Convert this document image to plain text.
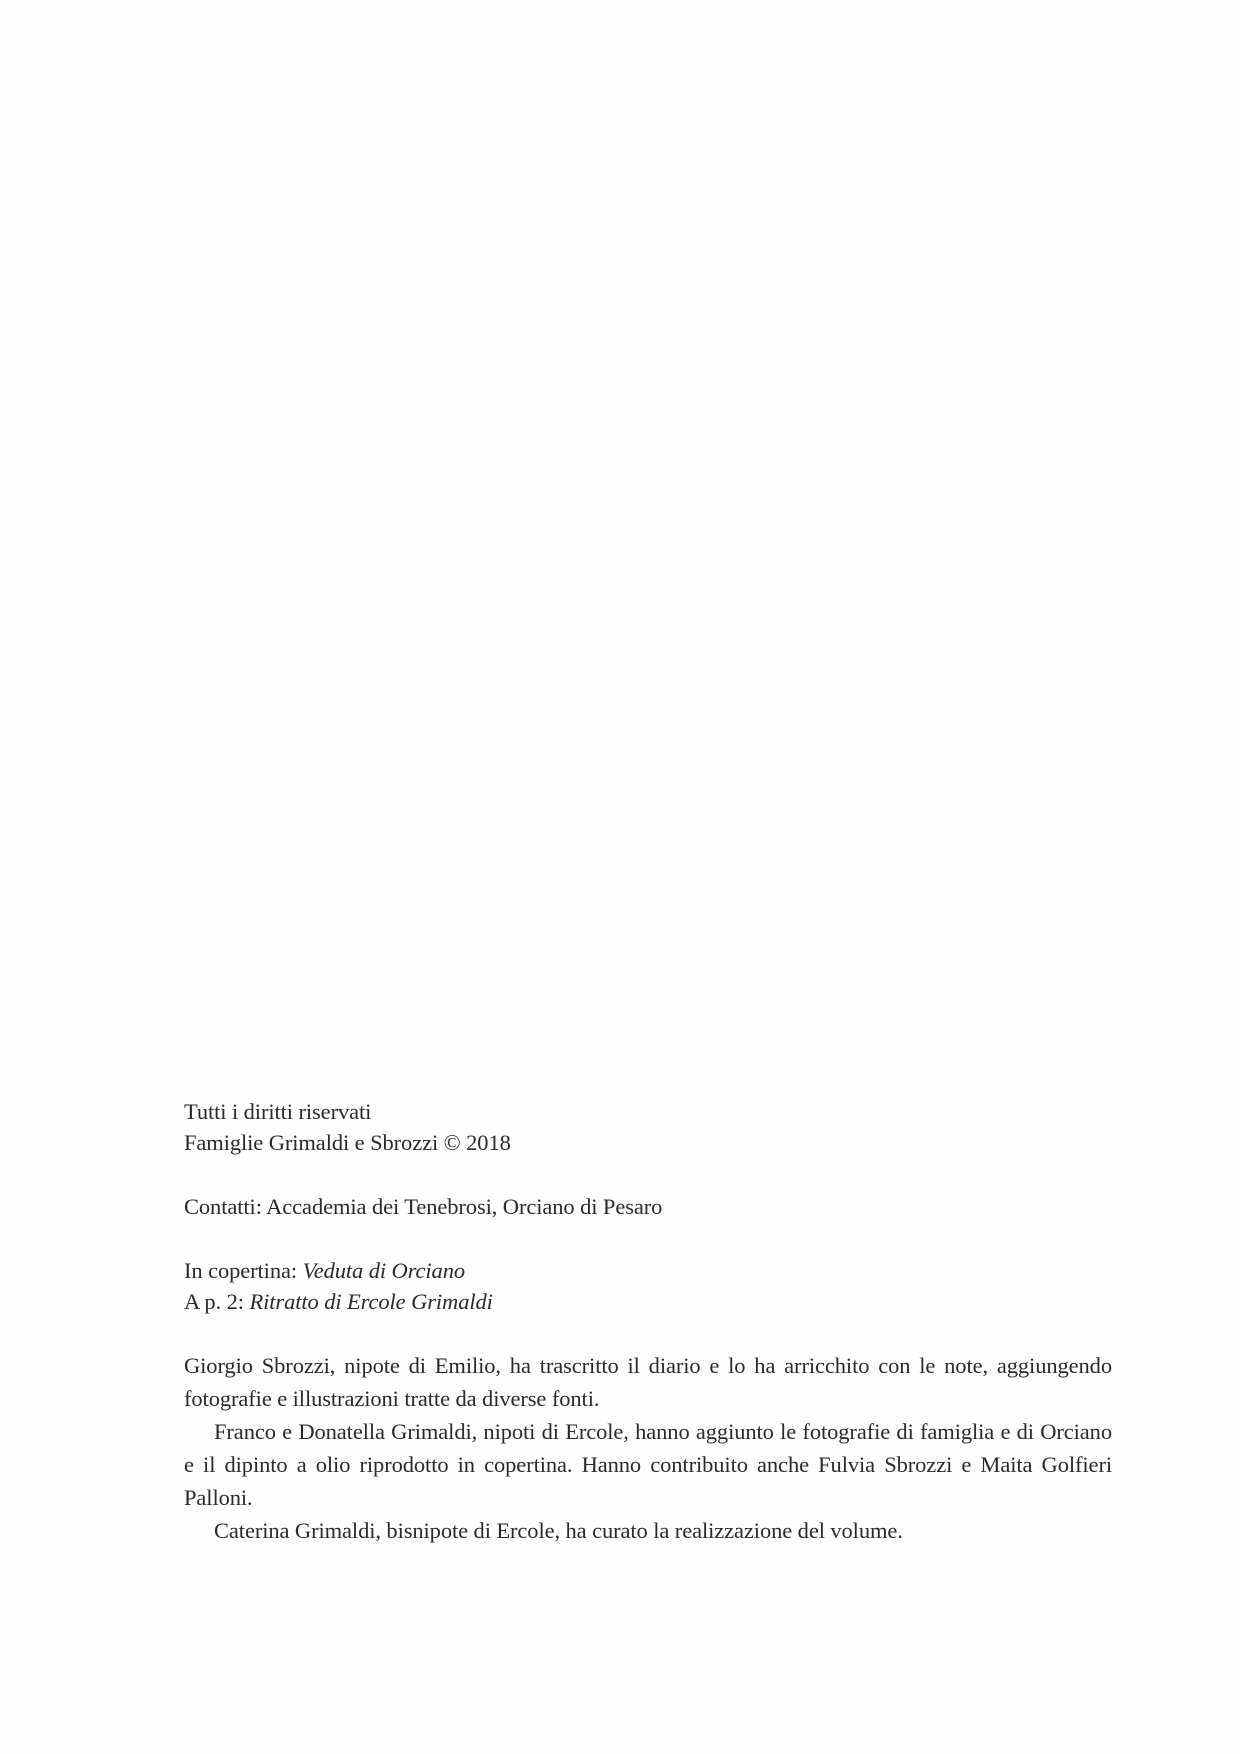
Tutti i diritti riservati
Famiglie Grimaldi e Sbrozzi © 2018
Contatti: Accademia dei Tenebrosi, Orciano di Pesaro
In copertina: Veduta di Orciano
A p. 2: Ritratto di Ercole Grimaldi

Giorgio Sbrozzi, nipote di Emilio, ha trascritto il diario e lo ha arricchito con le note, aggiungendo fotografie e illustrazioni tratte da diverse fonti.

Franco e Donatella Grimaldi, nipoti di Ercole, hanno aggiunto le fotografie di famiglia e di Orciano e il dipinto a olio riprodotto in copertina. Hanno contribuito anche Fulvia Sbrozzi e Maita Golfieri Palloni.

Caterina Grimaldi, bisnipote di Ercole, ha curato la realizzazione del volume.
